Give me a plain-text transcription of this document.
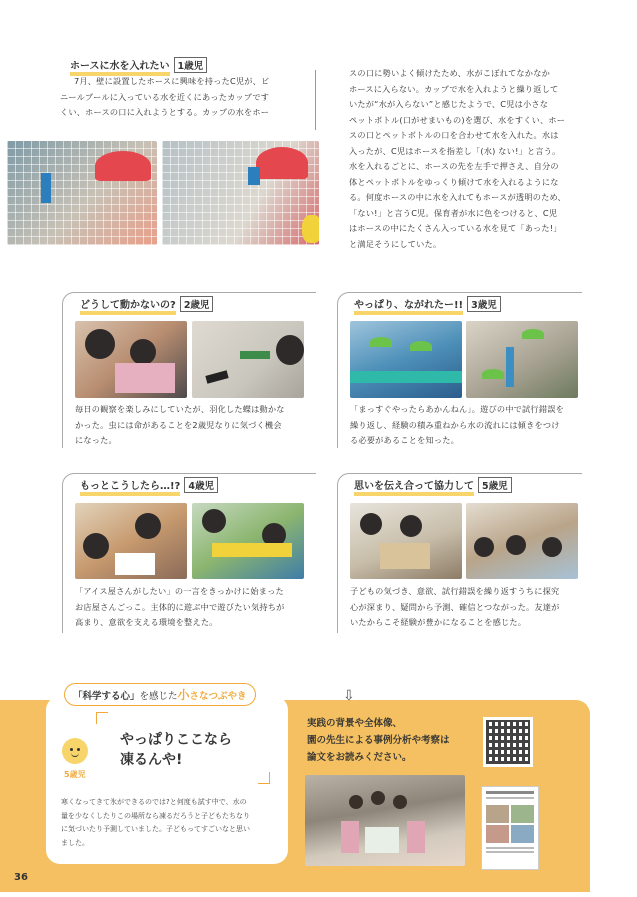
ホースに水を入れたい 1歳児
7月、壁に設置したホースに興味を持ったC児が、ビ
ニールプールに入っている水を近くにあったカップです
くい、ホースの口に入れようとする。カップの水をホー
スの口に勢いよく傾けたため、水がこぼれてなかなか
ホースに入らない。カップで水を入れようと繰り返して
いたが“水が入らない”と感じたようで、C児は小さな
ペットボトル(口がせまいもの)を選び、水をすくい、ホー
スの口とペットボトルの口を合わせて水を入れた。水は
入ったが、C児はホースを指差し「(水) ない!」と言う。
水を入れるごとに、ホースの先を左手で押さえ、自分の
体とペットボトルをゆっくり傾けて水を入れるようにな
る。何度ホースの中に水を入れてもホースが透明のため、
「ない!」と言うC児。保育者が水に色をつけると、C児
はホースの中にたくさん入っている水を見て「あった!」
と満足そうにしていた。
どうして動かないの? 2歳児
毎日の観察を楽しみにしていたが、羽化した蝶は動かな
かった。虫には命があることを2歳児なりに気づく機会
になった。
やっぱり、ながれたー!! 3歳児
「まっすぐやったらあかんねん」。遊びの中で試行錯誤を
繰り返し、経験の積み重ねから水の流れには傾きをつけ
る必要があることを知った。
もっとこうしたら…!? 4歳児
「アイス屋さんがしたい」の一言をきっかけに始まった
お店屋さんごっこ。主体的に遊ぶ中で遊びたい気持ちが
高まり、意欲を支える環境を整えた。
思いを伝え合って協力して 5歳児
子どもの気づき、意欲、試行錯誤を繰り返すうちに探究
心が深まり、疑問から予測、確信とつながった。友達が
いたからこそ経験が豊かになることを感じた。
「科学する心」を感じた小さなつぶやき
5歳児
やっぱりここなら
凍るんや!
寒くなってきて氷ができるのでは?と何度も試す中で、水の
量を少なくしたりこの場所なら凍るだろうと子どもたちなり
に気づいたり予測していました。子どもってすごいなと思い
ました。
⇩
実践の背景や全体像、
園の先生による事例分析や考察は
論文をお読みください。
36
